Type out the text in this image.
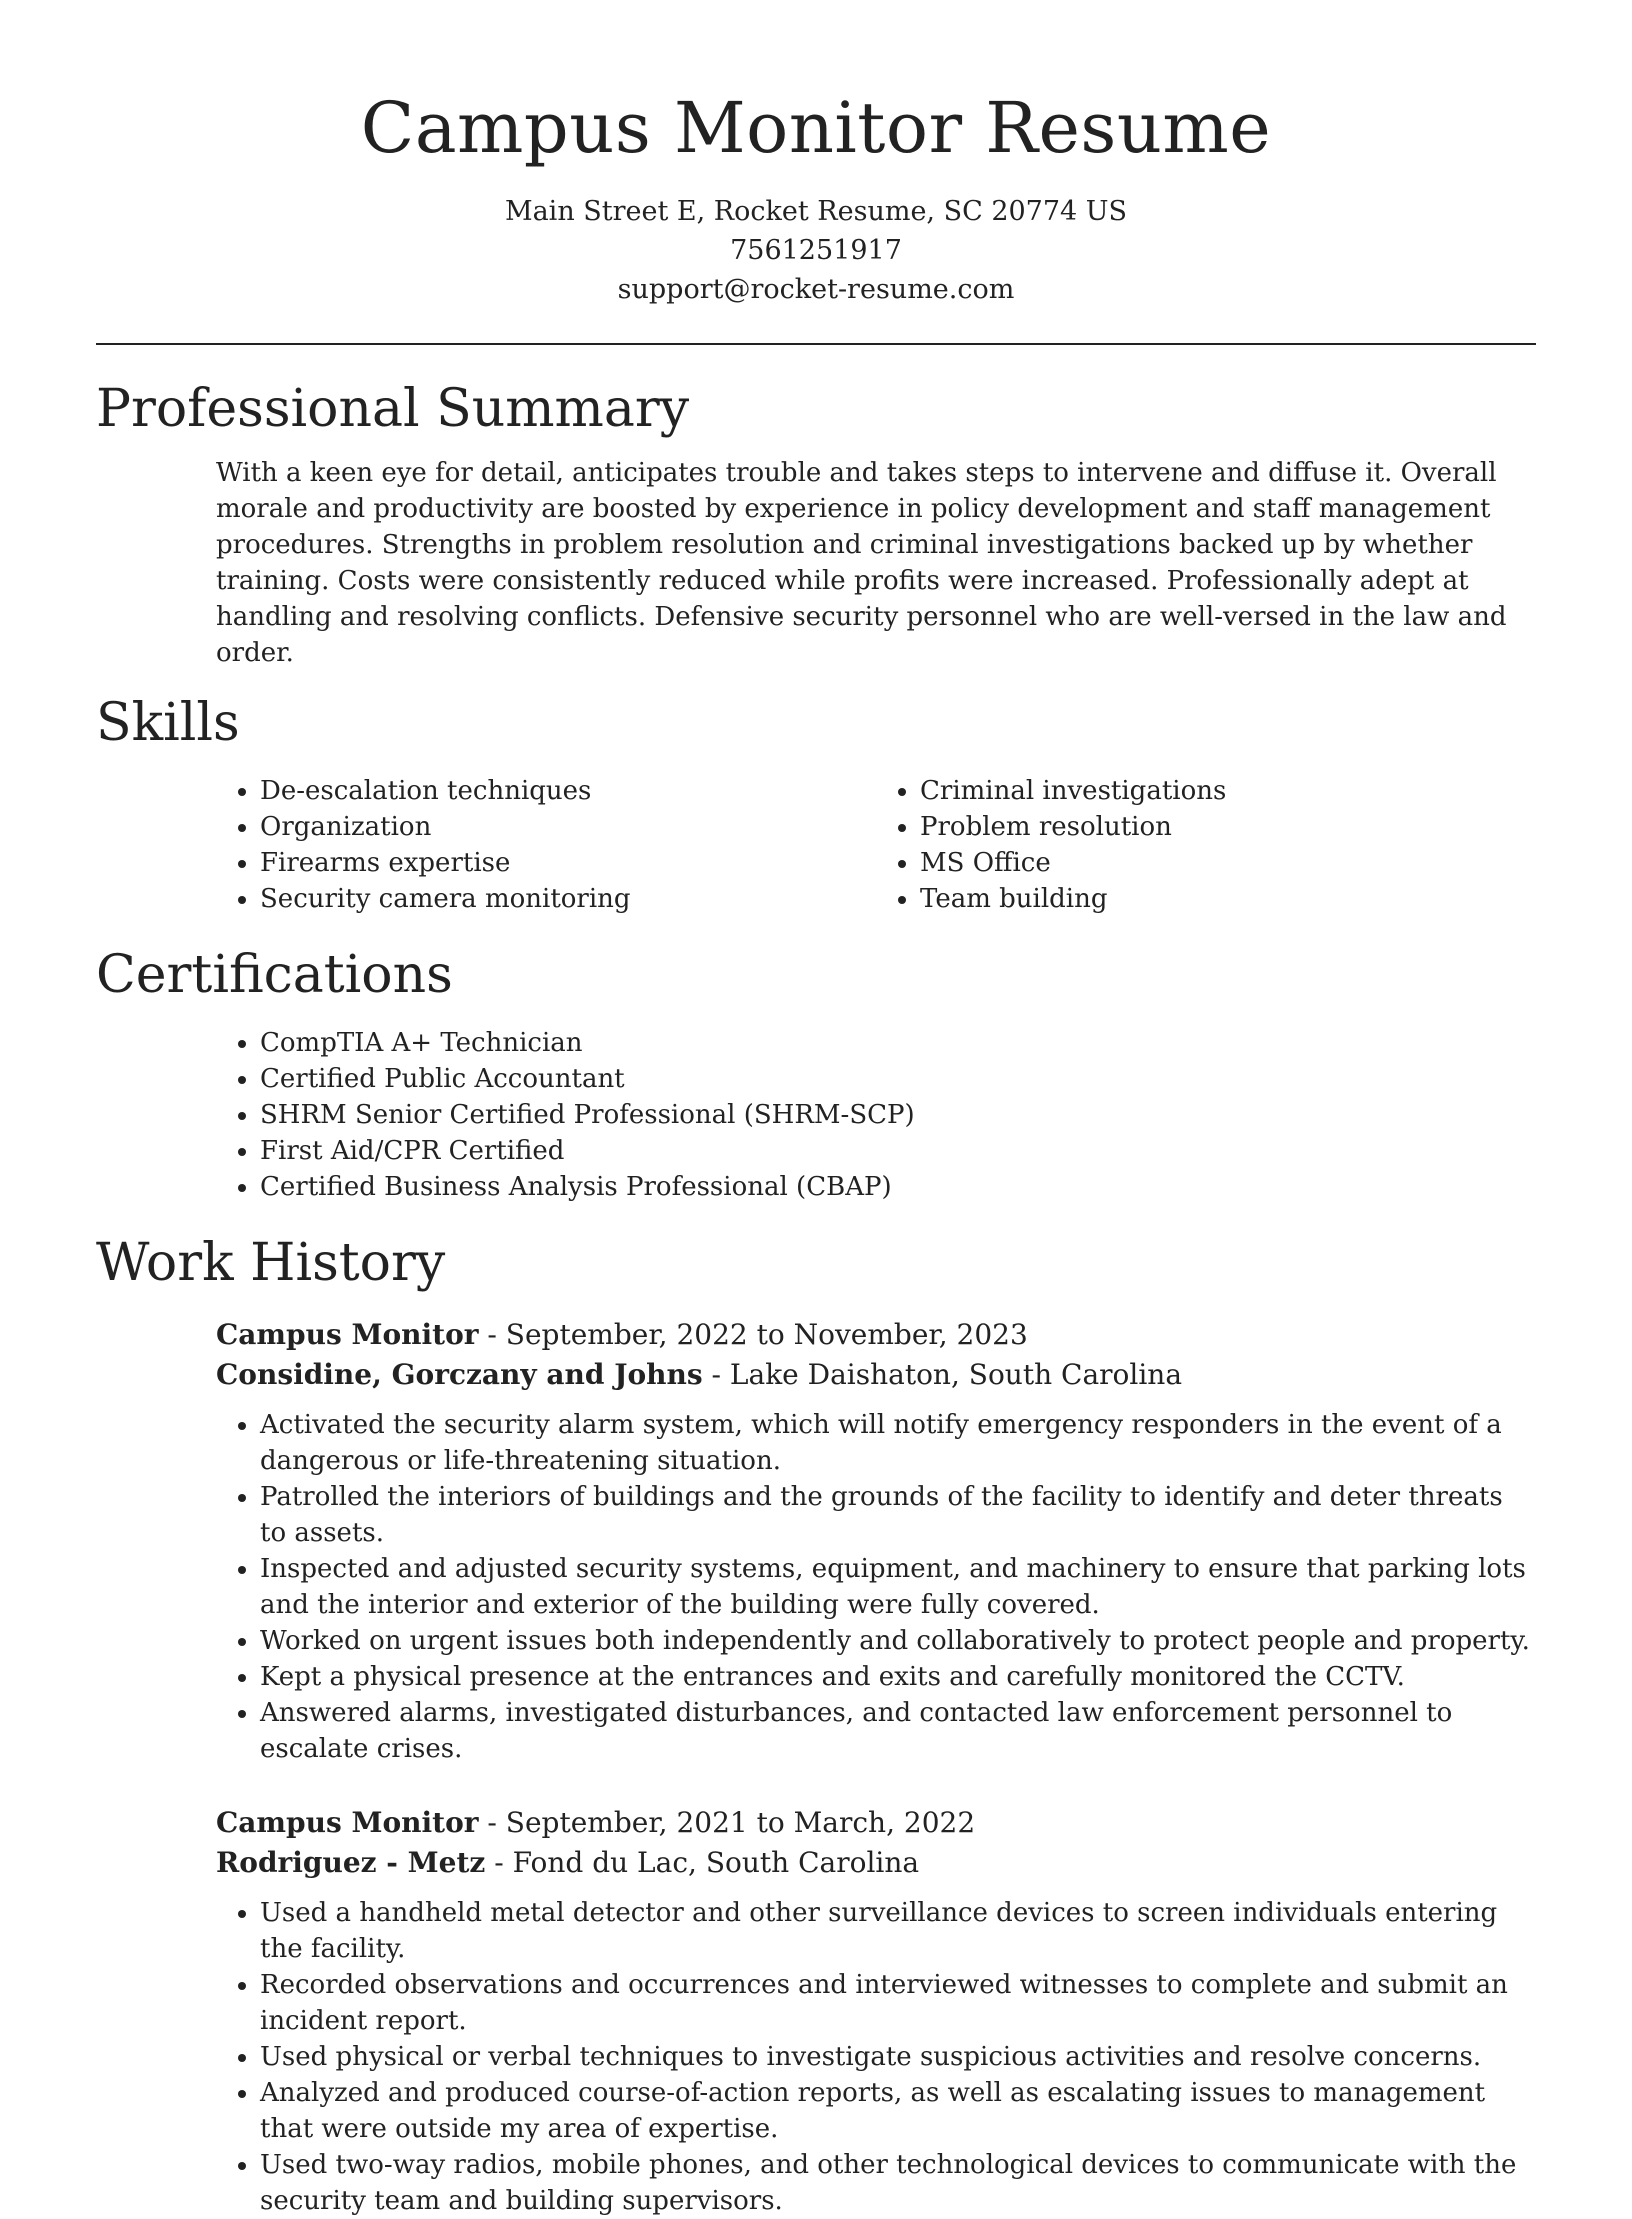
Campus Monitor Resume
Main Street E, Rocket Resume, SC 20774 US
7561251917
support@rocket-resume.com
Professional Summary

With a keen eye for detail, anticipates trouble and takes steps to intervene and diffuse it. Overall morale and productivity are boosted by experience in policy development and staff management procedures. Strengths in problem resolution and criminal investigations backed up by whether training. Costs were consistently reduced while profits were increased. Professionally adept at handling and resolving conflicts. Defensive security personnel who are well-versed in the law and order.

Skills
• De-escalation techniques
• Organization
• Firearms expertise
• Security camera monitoring
• Criminal investigations
• Problem resolution
• MS Office
• Team building
Certifications
• CompTIA A+ Technician
• Certified Public Accountant
• SHRM Senior Certified Professional (SHRM-SCP)
• First Aid/CPR Certified
• Certified Business Analysis Professional (CBAP)
Work History
Campus Monitor - September, 2022 to November, 2023
Considine, Gorczany and Johns - Lake Daishaton, South Carolina
• Activated the security alarm system, which will notify emergency responders in the event of a dangerous or life-threatening situation.
• Patrolled the interiors of buildings and the grounds of the facility to identify and deter threats to assets.
• Inspected and adjusted security systems, equipment, and machinery to ensure that parking lots and the interior and exterior of the building were fully covered.
• Worked on urgent issues both independently and collaboratively to protect people and property.
• Kept a physical presence at the entrances and exits and carefully monitored the CCTV.
• Answered alarms, investigated disturbances, and contacted law enforcement personnel to escalate crises.
Campus Monitor - September, 2021 to March, 2022
Rodriguez - Metz - Fond du Lac, South Carolina
• Used a handheld metal detector and other surveillance devices to screen individuals entering the facility.
• Recorded observations and occurrences and interviewed witnesses to complete and submit an incident report.
• Used physical or verbal techniques to investigate suspicious activities and resolve concerns.
• Analyzed and produced course-of-action reports, as well as escalating issues to management that were outside my area of expertise.
• Used two-way radios, mobile phones, and other technological devices to communicate with the security team and building supervisors.
